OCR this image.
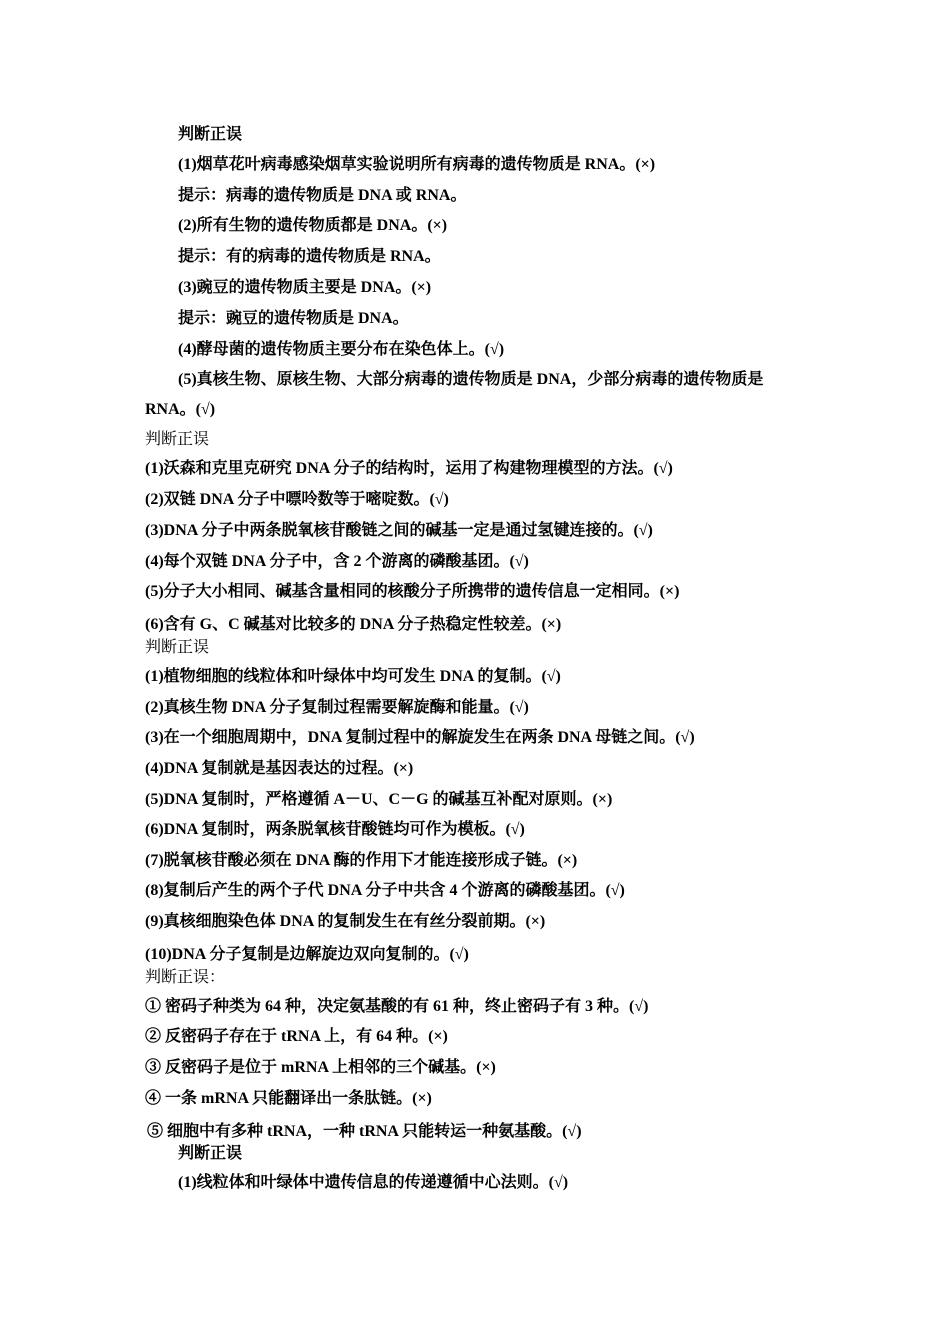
判断正误
(1)烟草花叶病毒感染烟草实验说明所有病毒的遗传物质是 RNA。(×)
提示：病毒的遗传物质是 DNA 或 RNA。
(2)所有生物的遗传物质都是 DNA。(×)
提示：有的病毒的遗传物质是 RNA。
(3)豌豆的遗传物质主要是 DNA。(×)
提示：豌豆的遗传物质是 DNA。
(4)酵母菌的遗传物质主要分布在染色体上。(√)
(5)真核生物、原核生物、大部分病毒的遗传物质是 DNA，少部分病毒的遗传物质是
RNA。(√)
判断正误
(1)沃森和克里克研究 DNA 分子的结构时，运用了构建物理模型的方法。(√)
(2)双链 DNA 分子中嘌呤数等于嘧啶数。(√)
(3)DNA 分子中两条脱氧核苷酸链之间的碱基一定是通过氢键连接的。(√)
(4)每个双链 DNA 分子中，含 2 个游离的磷酸基团。(√)
(5)分子大小相同、碱基含量相同的核酸分子所携带的遗传信息一定相同。(×)
(6)含有 G、C 碱基对比较多的 DNA 分子热稳定性较差。(×)
判断正误
(1)植物细胞的线粒体和叶绿体中均可发生 DNA 的复制。(√)
(2)真核生物 DNA 分子复制过程需要解旋酶和能量。(√)
(3)在一个细胞周期中，DNA 复制过程中的解旋发生在两条 DNA 母链之间。(√)
(4)DNA 复制就是基因表达的过程。(×)
(5)DNA 复制时，严格遵循 A－U、C－G 的碱基互补配对原则。(×)
(6)DNA 复制时，两条脱氧核苷酸链均可作为模板。(√)
(7)脱氧核苷酸必须在 DNA 酶的作用下才能连接形成子链。(×)
(8)复制后产生的两个子代 DNA 分子中共含 4 个游离的磷酸基团。(√)
(9)真核细胞染色体 DNA 的复制发生在有丝分裂前期。(×)
(10)DNA 分子复制是边解旋边双向复制的。(√)
判断正误：
① 密码子种类为 64 种，决定氨基酸的有 61 种，终止密码子有 3 种。(√)
② 反密码子存在于 tRNA 上，有 64 种。(×)
③ 反密码子是位于 mRNA 上相邻的三个碱基。(×)
④ 一条 mRNA 只能翻译出一条肽链。(×)
⑤ 细胞中有多种 tRNA，一种 tRNA 只能转运一种氨基酸。(√)
判断正误
(1)线粒体和叶绿体中遗传信息的传递遵循中心法则。(√)
